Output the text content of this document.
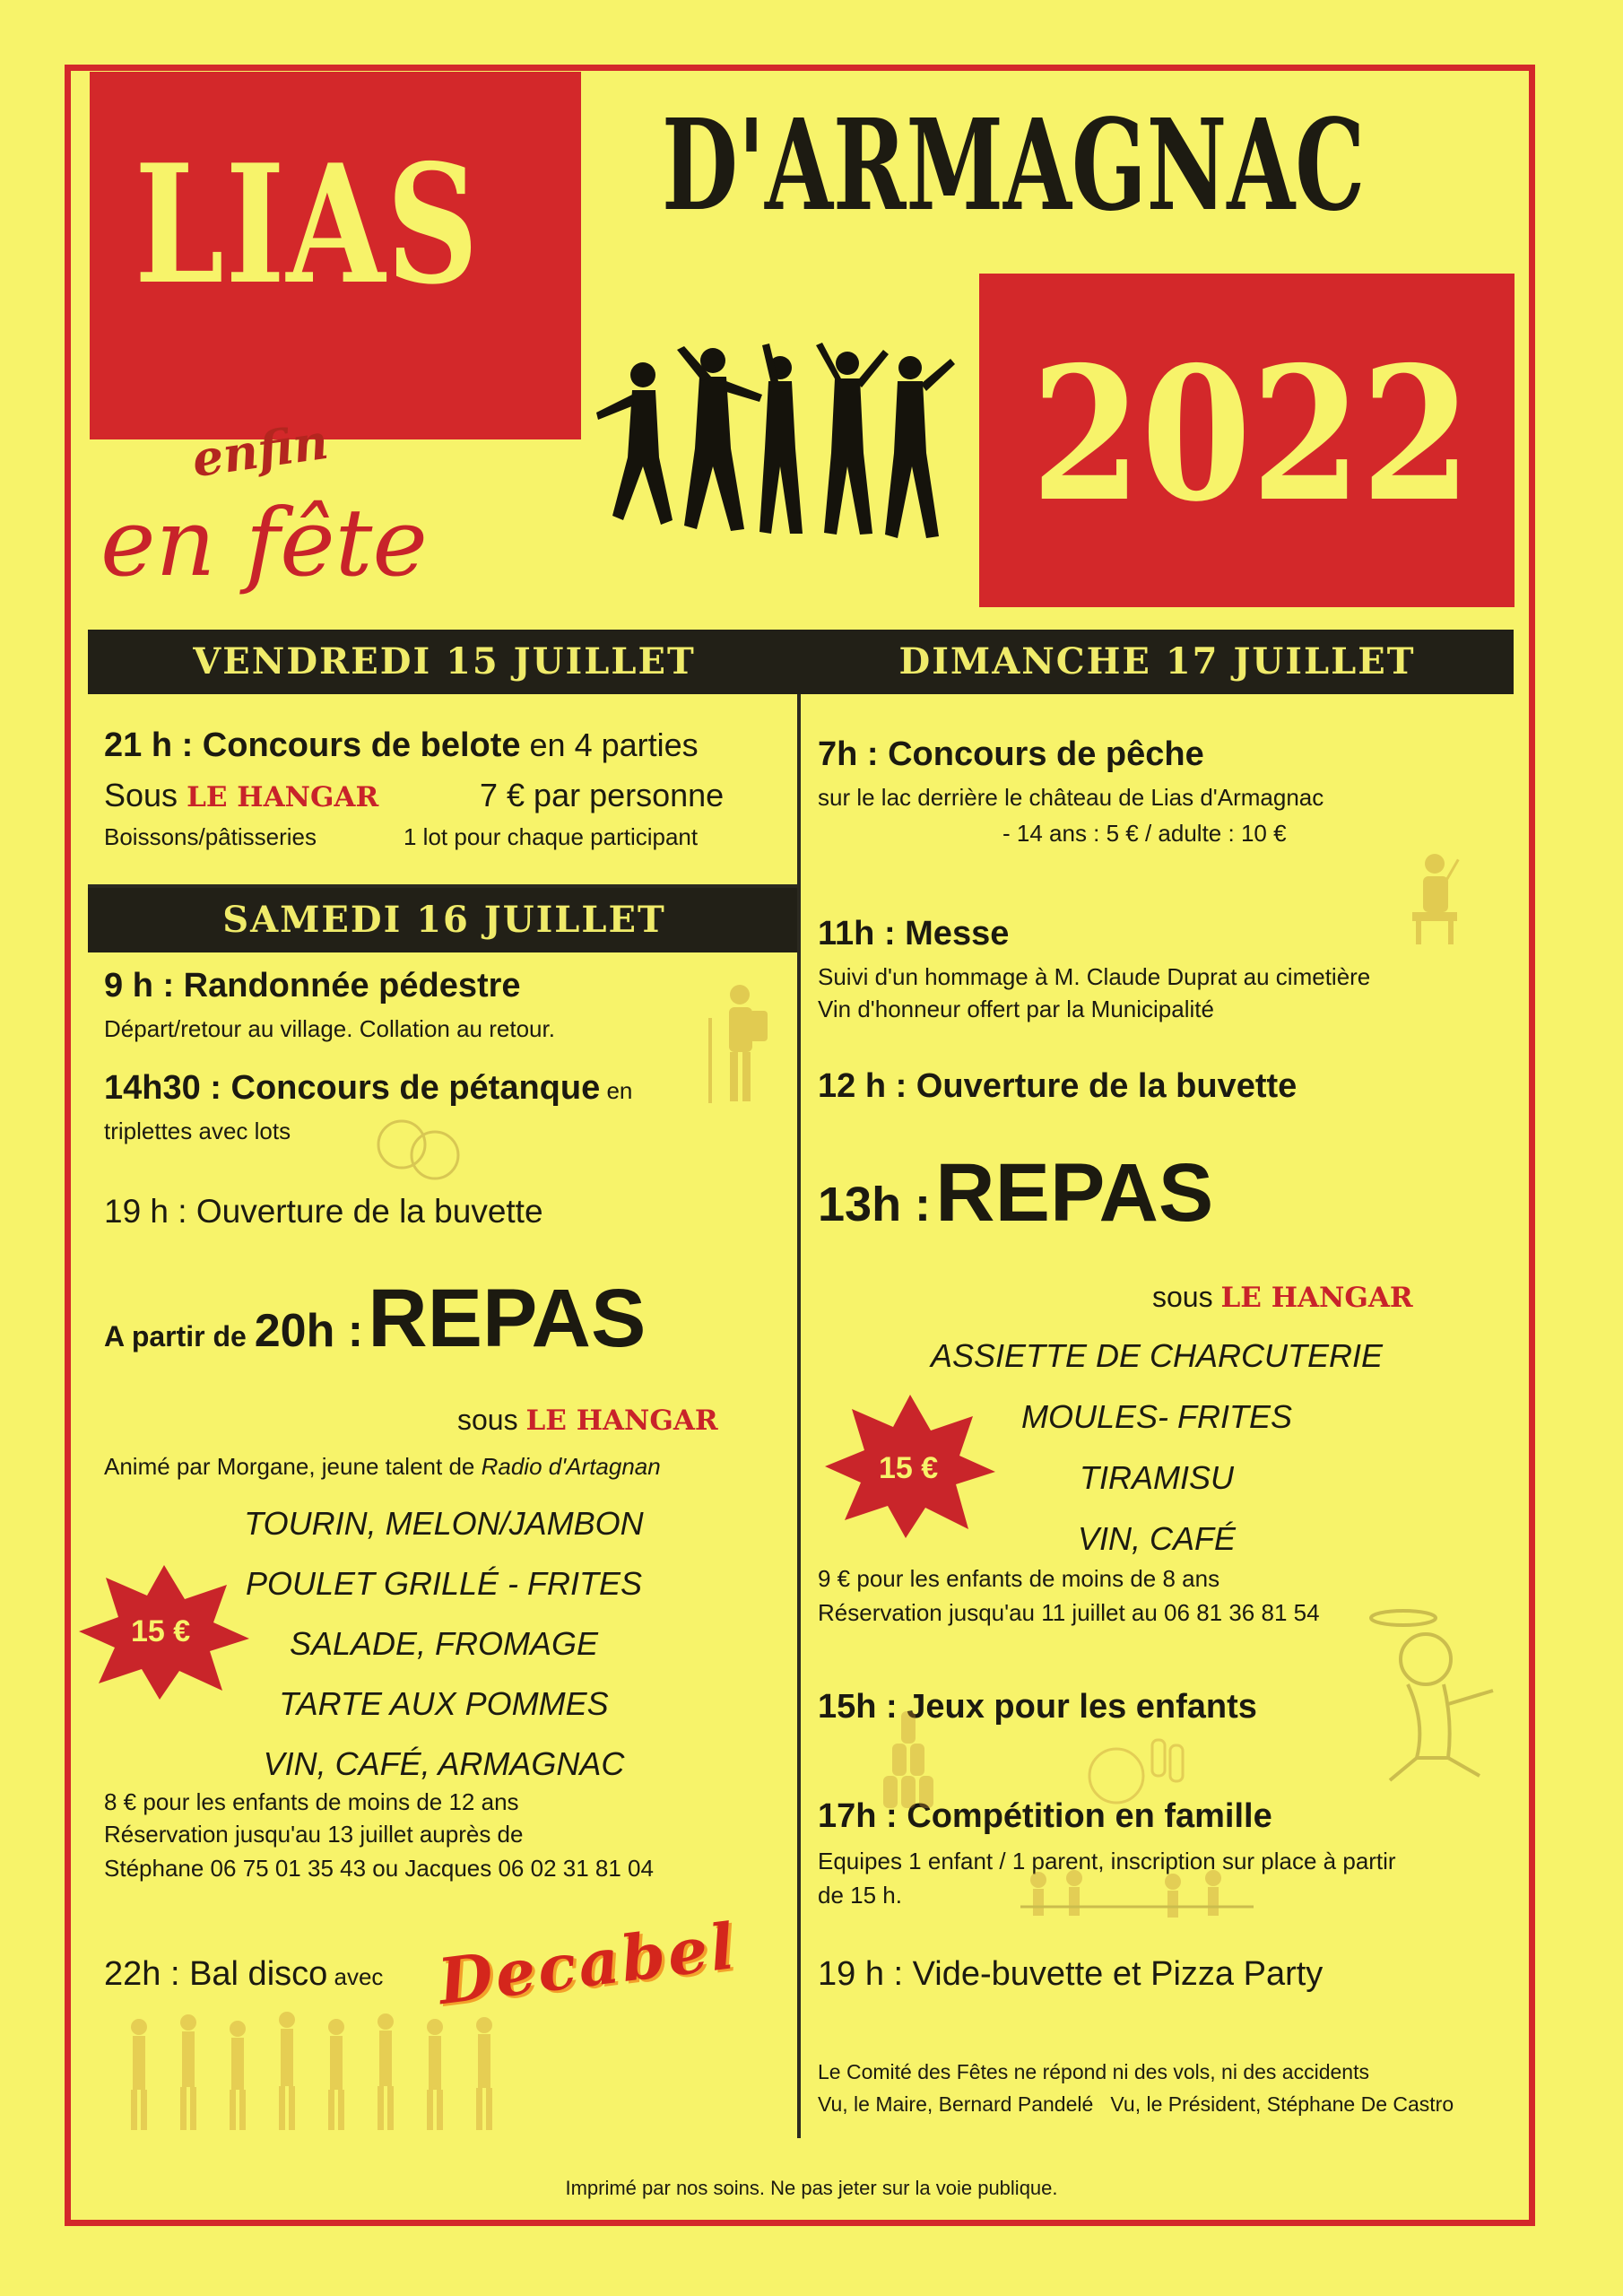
LIAS D'ARMAGNAC
2022
enfin
en fête
VENDREDI 15 JUILLET	DIMANCHE 17 JUILLET
SAMEDI 16 JUILLET
21 h : Concours de belote en 4 parties
Sous LE HANGAR	7 € par personne
Boissons/pâtisseries	1 lot pour chaque participant
9 h : Randonnée pédestre
Départ/retour au village. Collation au retour.
14h30 : Concours de pétanque en
triplettes avec lots
19 h : Ouverture de la buvette
A partir de 20h : REPAS
sous LE HANGAR
Animé par Morgane, jeune talent de Radio d'Artagnan
TOURIN, MELON/JAMBON
POULET GRILLÉ - FRITES
SALADE, FROMAGE
TARTE AUX POMMES
VIN, CAFÉ, ARMAGNAC
15 €
8 € pour les enfants de moins de 12 ans
Réservation jusqu'au 13 juillet auprès de
Stéphane 06 75 01 35 43 ou Jacques 06 02 31 81 04
22h : Bal disco avec Decabel
7h : Concours de pêche
sur le lac derrière le château de Lias d'Armagnac
- 14 ans : 5 € / adulte : 10 €
11h : Messe
Suivi d'un hommage à M. Claude Duprat au cimetière
Vin d'honneur offert par la Municipalité
12 h : Ouverture de la buvette
13h : REPAS
sous LE HANGAR
ASSIETTE DE CHARCUTERIE
MOULES- FRITES
TIRAMISU
VIN, CAFÉ
15 €
9 € pour les enfants de moins de 8 ans
Réservation jusqu'au 11 juillet au 06 81 36 81 54
15h : Jeux pour les enfants
17h : Compétition en famille
Equipes 1 enfant / 1 parent, inscription sur place à partir
de 15 h.
19 h : Vide-buvette et Pizza Party
Le Comité des Fêtes ne répond ni des vols, ni des accidents
Vu, le Maire, Bernard Pandelé   Vu, le Président, Stéphane De Castro
Imprimé par nos soins. Ne pas jeter sur la voie publique.
